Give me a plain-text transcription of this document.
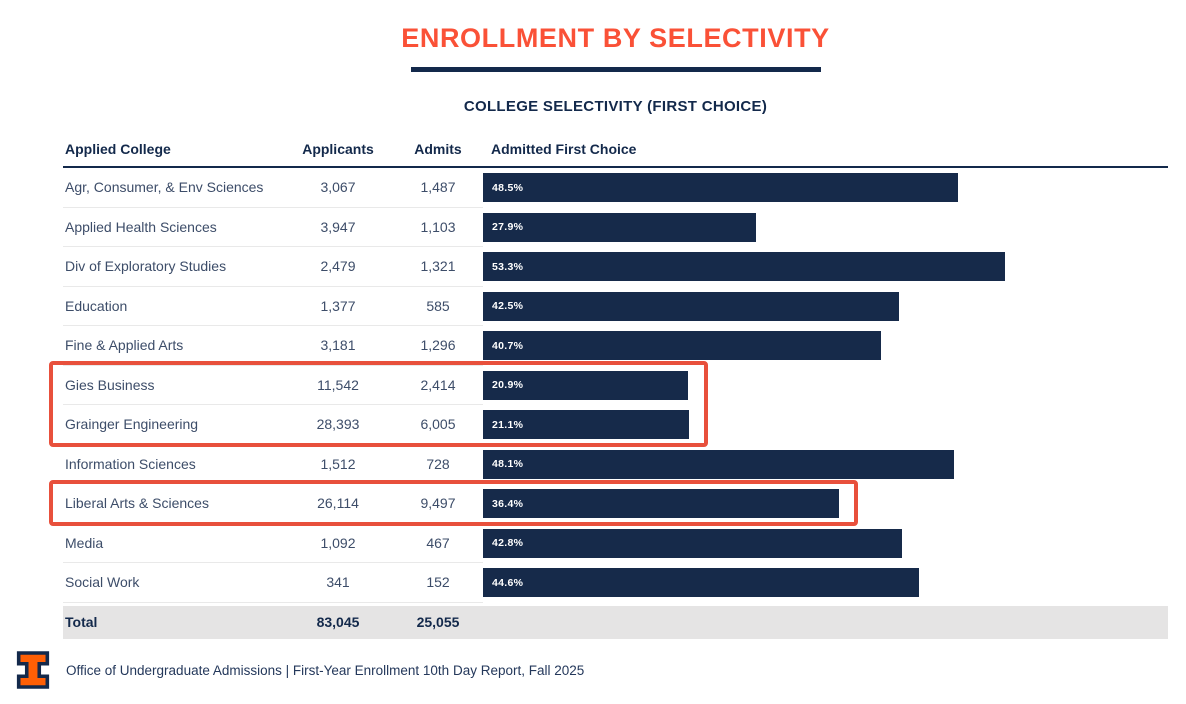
ENROLLMENT BY SELECTIVITY
COLLEGE SELECTIVITY (FIRST CHOICE)
Applied College	Applicants	Admits	Admitted First Choice
Agr, Consumer, & Env Sciences	3,067	1,487	48.5%
Applied Health Sciences	3,947	1,103	27.9%
Div of Exploratory Studies	2,479	1,321	53.3%
Education	1,377	585	42.5%
Fine & Applied Arts	3,181	1,296	40.7%
Gies Business	11,542	2,414	20.9%
Grainger Engineering	28,393	6,005	21.1%
Information Sciences	1,512	728	48.1%
Liberal Arts & Sciences	26,114	9,497	36.4%
Media	1,092	467	42.8%
Social Work	341	152	44.6%
Total	83,045	25,055
Office of Undergraduate Admissions | First-Year Enrollment 10th Day Report, Fall 2025
